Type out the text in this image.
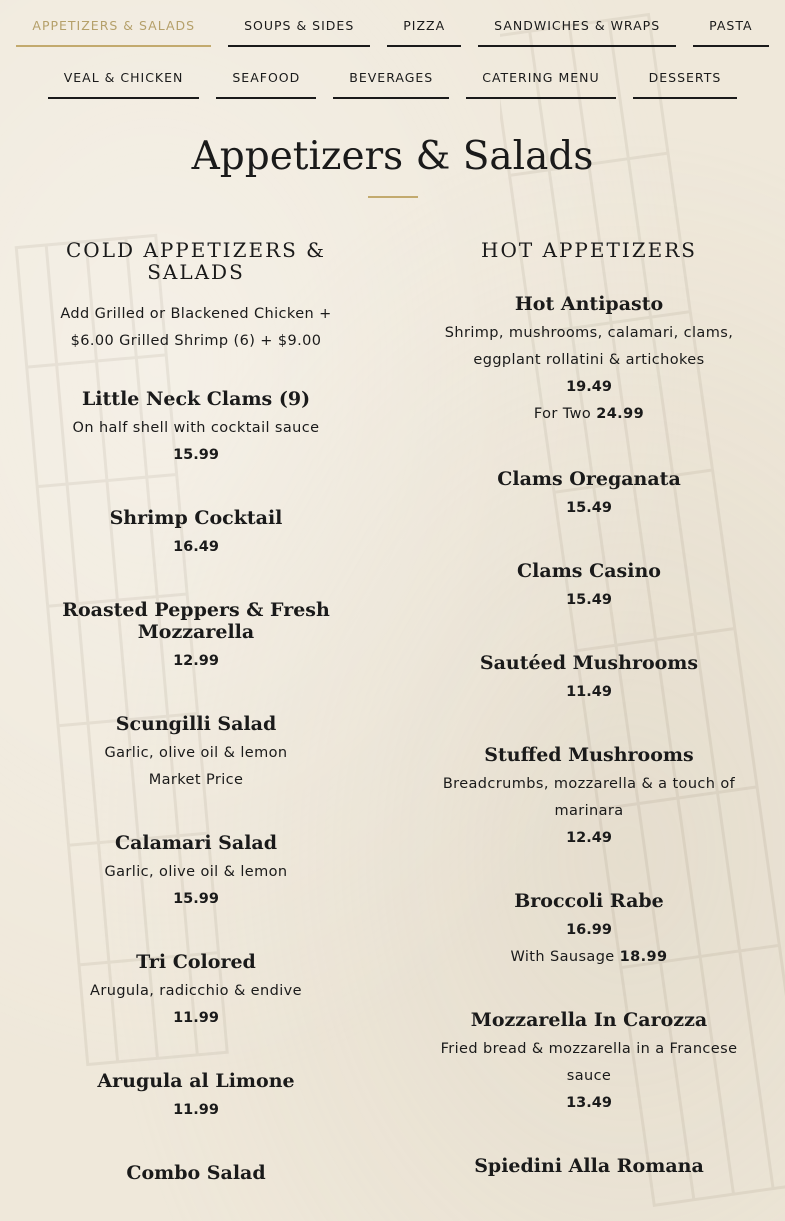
APPETIZERS & SALADS	SOUPS & SIDES	PIZZA	SANDWICHES & WRAPS	PASTA
VEAL & CHICKEN	SEAFOOD	BEVERAGES	CATERING MENU	DESSERTS
Appetizers & Salads
COLD APPETIZERS & SALADS
Add Grilled or Blackened Chicken + $6.00 Grilled Shrimp (6) + $9.00
Little Neck Clams (9)
On half shell with cocktail sauce
15.99
Shrimp Cocktail
16.49
Roasted Peppers & Fresh Mozzarella
12.99
Scungilli Salad
Garlic, olive oil & lemon
Market Price
Calamari Salad
Garlic, olive oil & lemon
15.99
Tri Colored
Arugula, radicchio & endive
11.99
Arugula al Limone
11.99
Combo Salad
HOT APPETIZERS
Hot Antipasto
Shrimp, mushrooms, calamari, clams, eggplant rollatini & artichokes
19.49
For Two 24.99
Clams Oreganata
15.49
Clams Casino
15.49
Sautéed Mushrooms
11.49
Stuffed Mushrooms
Breadcrumbs, mozzarella & a touch of marinara
12.49
Broccoli Rabe
16.99
With Sausage 18.99
Mozzarella In Carozza
Fried bread & mozzarella in a Francese sauce
13.49
Spiedini Alla Romana
